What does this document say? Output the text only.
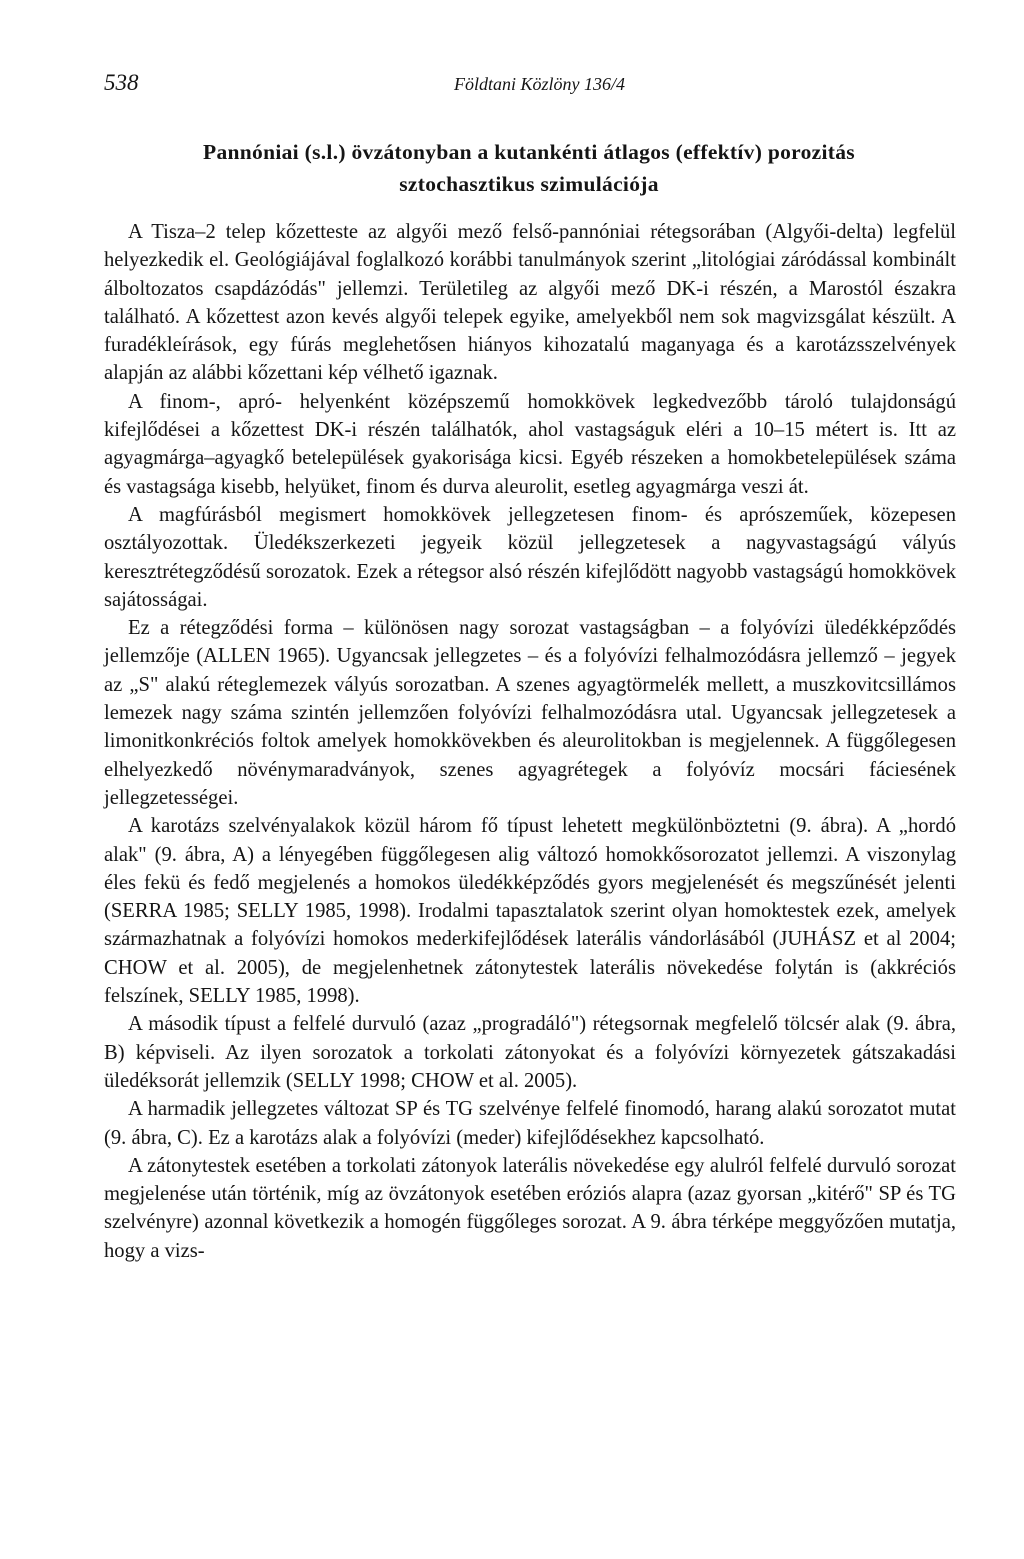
538	Földtani Közlöny 136/4
Pannóniai (s.l.) övzátonyban a kutankénti átlagos (effektív) porozitás
sztochasztikus szimulációja

A Tisza–2 telep kőzetteste az algyői mező felső-pannóniai rétegsorában (Algyői-delta) legfelül helyezkedik el. Geológiájával foglalkozó korábbi tanulmányok szerint „litológiai záródással kombinált álboltozatos csapdázódás" jellemzi. Területileg az algyői mező DK-i részén, a Marostól északra található. A kőzettest azon kevés algyői telepek egyike, amelyekből nem sok magvizsgálat készült. A furadékleírások, egy fúrás meglehetősen hiányos kihozatalú maganyaga és a karotázsszelvények alapján az alábbi kőzettani kép vélhető igaznak.

A finom-, apró- helyenként középszemű homokkövek legkedvezőbb tároló tulajdonságú kifejlődései a kőzettest DK-i részén találhatók, ahol vastagságuk eléri a 10–15 métert is. Itt az agyagmárga–agyagkő betelepülések gyakorisága kicsi. Egyéb részeken a homokbetelepülések száma és vastagsága kisebb, helyüket, finom és durva aleurolit, esetleg agyagmárga veszi át.

A magfúrásból megismert homokkövek jellegzetesen finom- és aprószeműek, közepesen osztályozottak. Üledékszerkezeti jegyeik közül jellegzetesek a nagyvastagságú vályús keresztrétegződésű sorozatok. Ezek a rétegsor alsó részén kifejlődött nagyobb vastagságú homokkövek sajátosságai.

Ez a rétegződési forma – különösen nagy sorozat vastagságban – a folyóvízi üledékképződés jellemzője (ALLEN 1965). Ugyancsak jellegzetes – és a folyóvízi felhalmozódásra jellemző – jegyek az „S" alakú réteglemezek vályús sorozatban. A szenes agyagtörmelék mellett, a muszkovitcsillámos lemezek nagy száma szintén jellemzően folyóvízi felhalmozódásra utal. Ugyancsak jellegzetesek a limonitkonkréciós foltok amelyek homokkövekben és aleurolitokban is megjelennek. A függőlegesen elhelyezkedő növénymaradványok, szenes agyagrétegek a folyóvíz mocsári fáciesének jellegzetességei.

A karotázs szelvényalakok közül három fő típust lehetett megkülönböztetni (9. ábra). A „hordó alak" (9. ábra, A) a lényegében függőlegesen alig változó homokkősorozatot jellemzi. A viszonylag éles fekü és fedő megjelenés a homokos üledékképződés gyors megjelenését és megszűnését jelenti (SERRA 1985; SELLY 1985, 1998). Irodalmi tapasztalatok szerint olyan homoktestek ezek, amelyek származhatnak a folyóvízi homokos mederkifejlődések laterális vándorlásából (JUHÁSZ et al 2004; CHOW et al. 2005), de megjelenhetnek zátonytestek laterális növekedése folytán is (akkréciós felszínek, SELLY 1985, 1998).

A második típust a felfelé durvuló (azaz „progradáló") rétegsornak megfelelő tölcsér alak (9. ábra, B) képviseli. Az ilyen sorozatok a torkolati zátonyokat és a folyóvízi környezetek gátszakadási üledéksorát jellemzik (SELLY 1998; CHOW et al. 2005).

A harmadik jellegzetes változat SP és TG szelvénye felfelé finomodó, harang alakú sorozatot mutat (9. ábra, C). Ez a karotázs alak a folyóvízi (meder) kifejlődésekhez kapcsolható.

A zátonytestek esetében a torkolati zátonyok laterális növekedése egy alulról felfelé durvuló sorozat megjelenése után történik, míg az övzátonyok esetében eróziós alapra (azaz gyorsan „kitérő" SP és TG szelvényre) azonnal következik a homogén függőleges sorozat. A 9. ábra térképe meggyőzően mutatja, hogy a vizs-
